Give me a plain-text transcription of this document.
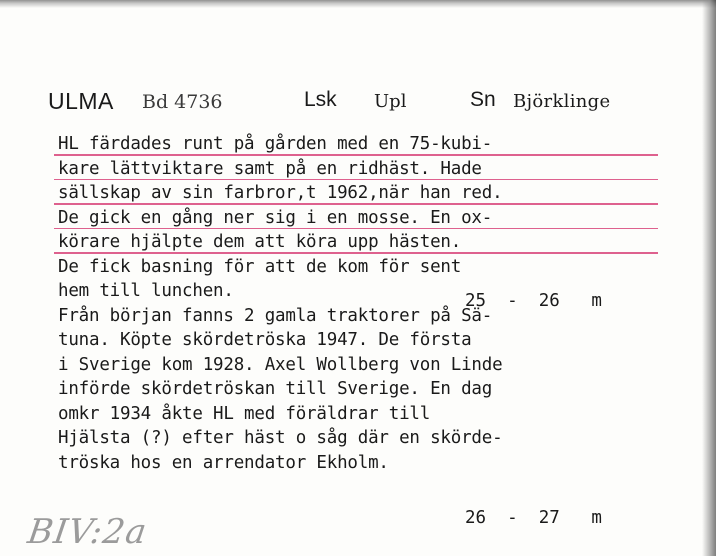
ULMA Bd 4736	Lsk Upl	Sn Björklinge
HL färdades runt på gården med en 75-kubi-
kare lättviktare samt på en ridhäst. Hade
sällskap av sin farbror,t 1962,när han red.
De gick en gång ner sig i en mosse. En ox-
körare hjälpte dem att köra upp hästen.
De fick basning för att de kom för sent
hem till lunchen.
Från början fanns 2 gamla traktorer på Sä-
tuna. Köpte skördetröska 1947. De första
i Sverige kom 1928. Axel Wollberg von Linde
införde skördetröskan till Sverige. En dag
omkr 1934 åkte HL med föräldrar till
Hjälsta (?) efter häst o såg där en skörde-
tröska hos en arrendator Ekholm.
25  -  26   m
26  -  27   m
BIV:2a
